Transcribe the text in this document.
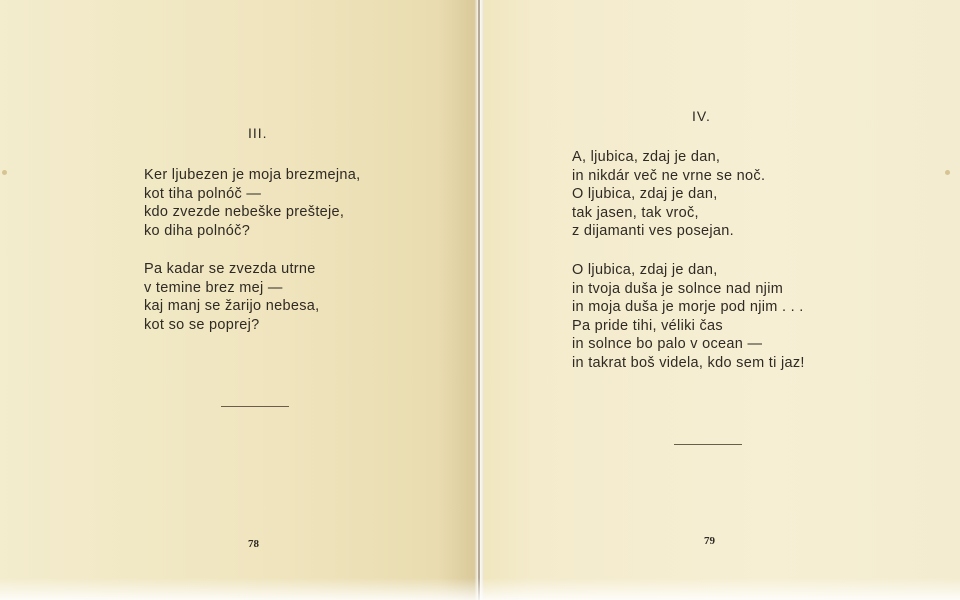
III.
Ker ljubezen je moja brezmejna,
kot tiha polnóč —
kdo zvezde nebeške prešteje,
ko diha polnóč?
Pa kadar se zvezda utrne
v temine brez mej —
kaj manj se žarijo nebesa,
kot so se poprej?
78
IV.
A, ljubica, zdaj je dan,
in nikdár več ne vrne se noč.
O ljubica, zdaj je dan,
tak jasen, tak vroč,
z dijamanti ves posejan.
O ljubica, zdaj je dan,
in tvoja duša je solnce nad njim
in moja duša je morje pod njim . . .
Pa pride tihi, véliki čas
in solnce bo palo v ocean —
in takrat boš videla, kdo sem ti jaz!
79
